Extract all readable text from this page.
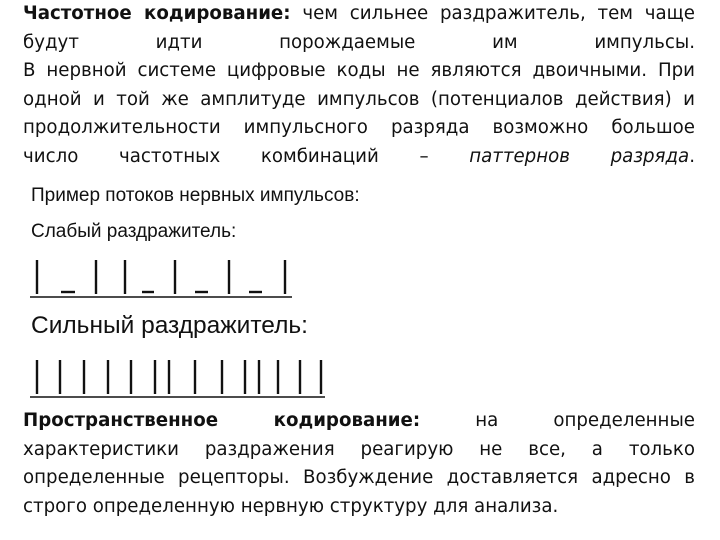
Частотное кодирование: чем сильнее раздражитель, тем чаще
будут идти порождаемые им импульсы.
В нервной системе цифровые коды не являются двоичными. При
одной и той же амплитуде импульсов (потенциалов действия) и
продолжительности импульсного разряда возможно большое
число частотных комбинаций – паттернов разряда.

Пример потоков нервных импульсов:

Слабый раздражитель:

Сильный раздражитель:

Пространственное кодирование: на определенные
характеристики раздражения реагирую не все, а только
определенные рецепторы. Возбуждение доставляется адресно в
строго определенную нервную структуру для анализа.
